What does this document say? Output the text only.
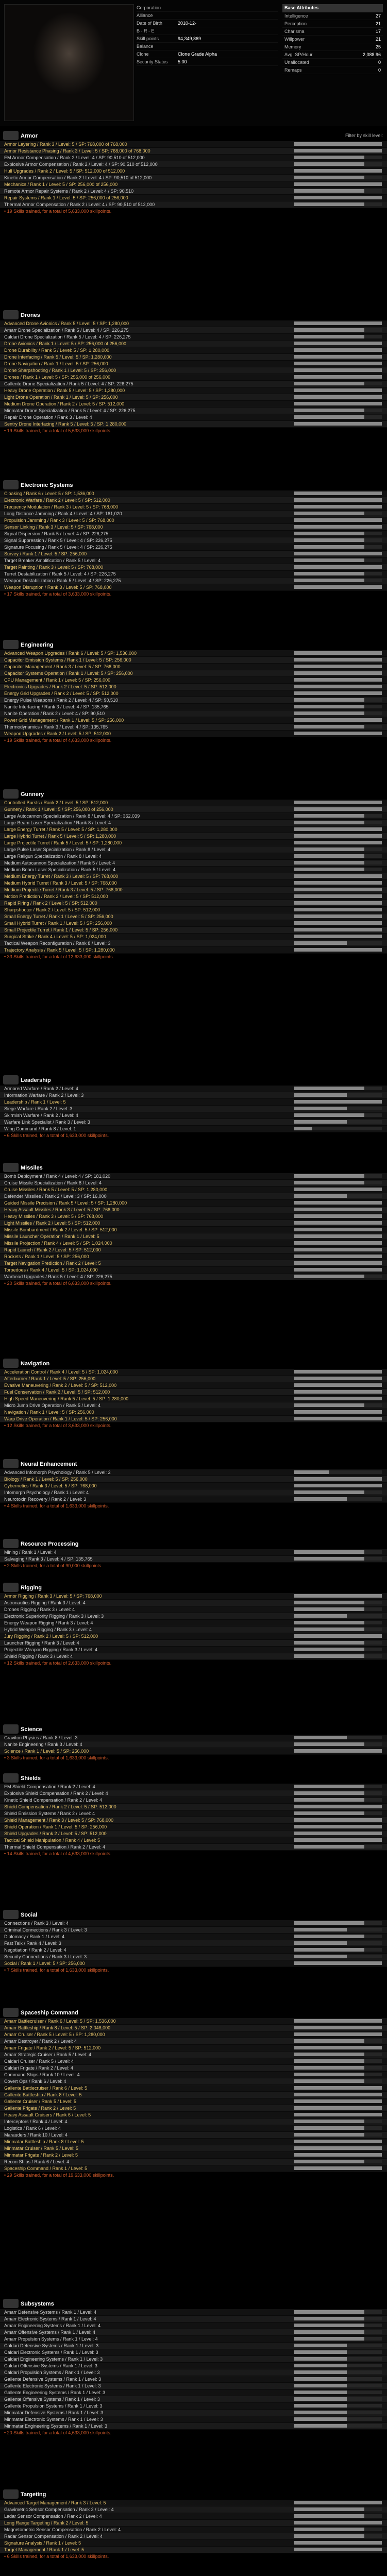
Corporation
Alliance
Date of Birth	2010-12-
B - R - E
Skill points	94,349,869
Balance
Clone	Clone Grade Alpha
Security Status	5.00
Base Attributes
Intelligence	27
Perception	21
Charisma	17
Willpower	21
Memory	25
Avg. SP/Hour	2,088.96
Unallocated	0
Remaps	0
Armor	Filter by skill level:
Armor Layering / Rank 3 / Level: 5 / SP: 768,000 of 768,000
Armor Resistance Phasing / Rank 3 / Level: 5 / SP: 768,000 of 768,000
EM Armor Compensation / Rank 2 / Level: 4 / SP: 90,510 of 512,000
Explosive Armor Compensation / Rank 2 / Level: 4 / SP: 90,510 of 512,000
Hull Upgrades / Rank 2 / Level: 5 / SP: 512,000 of 512,000
Kinetic Armor Compensation / Rank 2 / Level: 4 / SP: 90,510 of 512,000
Mechanics / Rank 1 / Level: 5 / SP: 256,000 of 256,000
Remote Armor Repair Systems / Rank 2 / Level: 4 / SP: 90,510
Repair Systems / Rank 1 / Level: 5 / SP: 256,000 of 256,000
Thermal Armor Compensation / Rank 2 / Level: 4 / SP: 90,510 of 512,000
• 19 Skills trained, for a total of 5,633,000 skillpoints.
Drones
Advanced Drone Avionics / Rank 5 / Level: 5 / SP: 1,280,000
Amarr Drone Specialization / Rank 5 / Level: 4 / SP: 226,275
Caldari Drone Specialization / Rank 5 / Level: 4 / SP: 226,275
Drone Avionics / Rank 1 / Level: 5 / SP: 256,000 of 256,000
Drone Durability / Rank 5 / Level: 5 / SP: 1,280,000
Drone Interfacing / Rank 5 / Level: 5 / SP: 1,280,000
Drone Navigation / Rank 1 / Level: 5 / SP: 256,000
Drone Sharpshooting / Rank 1 / Level: 5 / SP: 256,000
Drones / Rank 1 / Level: 5 / SP: 256,000 of 256,000
Gallente Drone Specialization / Rank 5 / Level: 4 / SP: 226,275
Heavy Drone Operation / Rank 5 / Level: 5 / SP: 1,280,000
Light Drone Operation / Rank 1 / Level: 5 / SP: 256,000
Medium Drone Operation / Rank 2 / Level: 5 / SP: 512,000
Minmatar Drone Specialization / Rank 5 / Level: 4 / SP: 226,275
Repair Drone Operation / Rank 3 / Level: 4
Sentry Drone Interfacing / Rank 5 / Level: 5 / SP: 1,280,000
• 19 Skills trained, for a total of 5,633,000 skillpoints.
Electronic Systems
Cloaking / Rank 6 / Level: 5 / SP: 1,536,000
Electronic Warfare / Rank 2 / Level: 5 / SP: 512,000
Frequency Modulation / Rank 3 / Level: 5 / SP: 768,000
Long Distance Jamming / Rank 4 / Level: 4 / SP: 181,020
Propulsion Jamming / Rank 3 / Level: 5 / SP: 768,000
Sensor Linking / Rank 3 / Level: 5 / SP: 768,000
Signal Dispersion / Rank 5 / Level: 4 / SP: 226,275
Signal Suppression / Rank 5 / Level: 4 / SP: 226,275
Signature Focusing / Rank 5 / Level: 4 / SP: 226,275
Survey / Rank 1 / Level: 5 / SP: 256,000
Target Breaker Amplification / Rank 5 / Level: 4
Target Painting / Rank 3 / Level: 5 / SP: 768,000
Turret Destabilization / Rank 5 / Level: 4 / SP: 226,275
Weapon Destabilization / Rank 5 / Level: 4 / SP: 226,275
Weapon Disruption / Rank 3 / Level: 5 / SP: 768,000
• 17 Skills trained, for a total of 3,633,000 skillpoints.
Engineering
Advanced Weapon Upgrades / Rank 6 / Level: 5 / SP: 1,536,000
Capacitor Emission Systems / Rank 1 / Level: 5 / SP: 256,000
Capacitor Management / Rank 3 / Level: 5 / SP: 768,000
Capacitor Systems Operation / Rank 1 / Level: 5 / SP: 256,000
CPU Management / Rank 1 / Level: 5 / SP: 256,000
Electronics Upgrades / Rank 2 / Level: 5 / SP: 512,000
Energy Grid Upgrades / Rank 2 / Level: 5 / SP: 512,000
Energy Pulse Weapons / Rank 2 / Level: 4 / SP: 90,510
Nanite Interfacing / Rank 3 / Level: 4 / SP: 135,765
Nanite Operation / Rank 2 / Level: 4 / SP: 90,510
Power Grid Management / Rank 1 / Level: 5 / SP: 256,000
Thermodynamics / Rank 3 / Level: 4 / SP: 135,765
Weapon Upgrades / Rank 2 / Level: 5 / SP: 512,000
• 19 Skills trained, for a total of 4,633,000 skillpoints.
Gunnery
Controlled Bursts / Rank 2 / Level: 5 / SP: 512,000
Gunnery / Rank 1 / Level: 5 / SP: 256,000 of 256,000
Large Autocannon Specialization / Rank 8 / Level: 4 / SP: 362,039
Large Beam Laser Specialization / Rank 8 / Level: 4
Large Energy Turret / Rank 5 / Level: 5 / SP: 1,280,000
Large Hybrid Turret / Rank 5 / Level: 5 / SP: 1,280,000
Large Projectile Turret / Rank 5 / Level: 5 / SP: 1,280,000
Large Pulse Laser Specialization / Rank 8 / Level: 4
Large Railgun Specialization / Rank 8 / Level: 4
Medium Autocannon Specialization / Rank 5 / Level: 4
Medium Beam Laser Specialization / Rank 5 / Level: 4
Medium Energy Turret / Rank 3 / Level: 5 / SP: 768,000
Medium Hybrid Turret / Rank 3 / Level: 5 / SP: 768,000
Medium Projectile Turret / Rank 3 / Level: 5 / SP: 768,000
Motion Prediction / Rank 2 / Level: 5 / SP: 512,000
Rapid Firing / Rank 2 / Level: 5 / SP: 512,000
Sharpshooter / Rank 2 / Level: 5 / SP: 512,000
Small Energy Turret / Rank 1 / Level: 5 / SP: 256,000
Small Hybrid Turret / Rank 1 / Level: 5 / SP: 256,000
Small Projectile Turret / Rank 1 / Level: 5 / SP: 256,000
Surgical Strike / Rank 4 / Level: 5 / SP: 1,024,000
Tactical Weapon Reconfiguration / Rank 8 / Level: 3
Trajectory Analysis / Rank 5 / Level: 5 / SP: 1,280,000
• 33 Skills trained, for a total of 12,633,000 skillpoints.
Leadership
Armored Warfare / Rank 2 / Level: 4
Information Warfare / Rank 2 / Level: 3
Leadership / Rank 1 / Level: 5
Siege Warfare / Rank 2 / Level: 3
Skirmish Warfare / Rank 2 / Level: 4
Warfare Link Specialist / Rank 3 / Level: 3
Wing Command / Rank 8 / Level: 1
• 6 Skills trained, for a total of 1,633,000 skillpoints.
Missiles
Bomb Deployment / Rank 4 / Level: 4 / SP: 181,020
Cruise Missile Specialization / Rank 8 / Level: 4
Cruise Missiles / Rank 5 / Level: 5 / SP: 1,280,000
Defender Missiles / Rank 2 / Level: 3 / SP: 16,000
Guided Missile Precision / Rank 5 / Level: 5 / SP: 1,280,000
Heavy Assault Missiles / Rank 3 / Level: 5 / SP: 768,000
Heavy Missiles / Rank 3 / Level: 5 / SP: 768,000
Light Missiles / Rank 2 / Level: 5 / SP: 512,000
Missile Bombardment / Rank 2 / Level: 5 / SP: 512,000
Missile Launcher Operation / Rank 1 / Level: 5
Missile Projection / Rank 4 / Level: 5 / SP: 1,024,000
Rapid Launch / Rank 2 / Level: 5 / SP: 512,000
Rockets / Rank 1 / Level: 5 / SP: 256,000
Target Navigation Prediction / Rank 2 / Level: 5
Torpedoes / Rank 4 / Level: 5 / SP: 1,024,000
Warhead Upgrades / Rank 5 / Level: 4 / SP: 226,275
• 20 Skills trained, for a total of 6,633,000 skillpoints.
Navigation
Acceleration Control / Rank 4 / Level: 5 / SP: 1,024,000
Afterburner / Rank 1 / Level: 5 / SP: 256,000
Evasive Maneuvering / Rank 2 / Level: 5 / SP: 512,000
Fuel Conservation / Rank 2 / Level: 5 / SP: 512,000
High Speed Maneuvering / Rank 5 / Level: 5 / SP: 1,280,000
Micro Jump Drive Operation / Rank 5 / Level: 4
Navigation / Rank 1 / Level: 5 / SP: 256,000
Warp Drive Operation / Rank 1 / Level: 5 / SP: 256,000
• 12 Skills trained, for a total of 3,633,000 skillpoints.
Neural Enhancement
Advanced Infomorph Psychology / Rank 5 / Level: 2
Biology / Rank 1 / Level: 5 / SP: 256,000
Cybernetics / Rank 3 / Level: 5 / SP: 768,000
Infomorph Psychology / Rank 1 / Level: 4
Neurotoxin Recovery / Rank 2 / Level: 3
• 4 Skills trained, for a total of 1,633,000 skillpoints.
Resource Processing
Mining / Rank 1 / Level: 4
Salvaging / Rank 3 / Level: 4 / SP: 135,765
• 2 Skills trained, for a total of 90,000 skillpoints.
Rigging
Armor Rigging / Rank 3 / Level: 5 / SP: 768,000
Astronautics Rigging / Rank 3 / Level: 4
Drones Rigging / Rank 3 / Level: 4
Electronic Superiority Rigging / Rank 3 / Level: 3
Energy Weapon Rigging / Rank 3 / Level: 4
Hybrid Weapon Rigging / Rank 3 / Level: 4
Jury Rigging / Rank 2 / Level: 5 / SP: 512,000
Launcher Rigging / Rank 3 / Level: 4
Projectile Weapon Rigging / Rank 3 / Level: 4
Shield Rigging / Rank 3 / Level: 4
• 12 Skills trained, for a total of 2,633,000 skillpoints.
Science
Graviton Physics / Rank 8 / Level: 3
Nanite Engineering / Rank 3 / Level: 4
Science / Rank 1 / Level: 5 / SP: 256,000
• 3 Skills trained, for a total of 1,633,000 skillpoints.
Shields
EM Shield Compensation / Rank 2 / Level: 4
Explosive Shield Compensation / Rank 2 / Level: 4
Kinetic Shield Compensation / Rank 2 / Level: 4
Shield Compensation / Rank 2 / Level: 5 / SP: 512,000
Shield Emission Systems / Rank 2 / Level: 4
Shield Management / Rank 3 / Level: 5 / SP: 768,000
Shield Operation / Rank 1 / Level: 5 / SP: 256,000
Shield Upgrades / Rank 2 / Level: 5 / SP: 512,000
Tactical Shield Manipulation / Rank 4 / Level: 5
Thermal Shield Compensation / Rank 2 / Level: 4
• 14 Skills trained, for a total of 4,633,000 skillpoints.
Social
Connections / Rank 3 / Level: 4
Criminal Connections / Rank 3 / Level: 3
Diplomacy / Rank 1 / Level: 4
Fast Talk / Rank 4 / Level: 3
Negotiation / Rank 2 / Level: 4
Security Connections / Rank 3 / Level: 3
Social / Rank 1 / Level: 5 / SP: 256,000
• 7 Skills trained, for a total of 1,633,000 skillpoints.
Spaceship Command
Amarr Battlecruiser / Rank 6 / Level: 5 / SP: 1,536,000
Amarr Battleship / Rank 8 / Level: 5 / SP: 2,048,000
Amarr Cruiser / Rank 5 / Level: 5 / SP: 1,280,000
Amarr Destroyer / Rank 2 / Level: 4
Amarr Frigate / Rank 2 / Level: 5 / SP: 512,000
Amarr Strategic Cruiser / Rank 5 / Level: 4
Caldari Cruiser / Rank 5 / Level: 4
Caldari Frigate / Rank 2 / Level: 4
Command Ships / Rank 10 / Level: 4
Covert Ops / Rank 6 / Level: 4
Gallente Battlecruiser / Rank 6 / Level: 5
Gallente Battleship / Rank 8 / Level: 5
Gallente Cruiser / Rank 5 / Level: 5
Gallente Frigate / Rank 2 / Level: 5
Heavy Assault Cruisers / Rank 6 / Level: 5
Interceptors / Rank 4 / Level: 4
Logistics / Rank 6 / Level: 4
Marauders / Rank 10 / Level: 4
Minmatar Battleship / Rank 8 / Level: 5
Minmatar Cruiser / Rank 5 / Level: 5
Minmatar Frigate / Rank 2 / Level: 5
Recon Ships / Rank 6 / Level: 4
Spaceship Command / Rank 1 / Level: 5
• 29 Skills trained, for a total of 19,633,000 skillpoints.
Subsystems
Amarr Defensive Systems / Rank 1 / Level: 4
Amarr Electronic Systems / Rank 1 / Level: 4
Amarr Engineering Systems / Rank 1 / Level: 4
Amarr Offensive Systems / Rank 1 / Level: 4
Amarr Propulsion Systems / Rank 1 / Level: 4
Caldari Defensive Systems / Rank 1 / Level: 3
Caldari Electronic Systems / Rank 1 / Level: 3
Caldari Engineering Systems / Rank 1 / Level: 3
Caldari Offensive Systems / Rank 1 / Level: 3
Caldari Propulsion Systems / Rank 1 / Level: 3
Gallente Defensive Systems / Rank 1 / Level: 3
Gallente Electronic Systems / Rank 1 / Level: 3
Gallente Engineering Systems / Rank 1 / Level: 3
Gallente Offensive Systems / Rank 1 / Level: 3
Gallente Propulsion Systems / Rank 1 / Level: 3
Minmatar Defensive Systems / Rank 1 / Level: 3
Minmatar Electronic Systems / Rank 1 / Level: 3
Minmatar Engineering Systems / Rank 1 / Level: 3
• 20 Skills trained, for a total of 4,633,000 skillpoints.
Targeting
Advanced Target Management / Rank 3 / Level: 5
Gravimetric Sensor Compensation / Rank 2 / Level: 4
Ladar Sensor Compensation / Rank 2 / Level: 4
Long Range Targeting / Rank 2 / Level: 5
Magnetometric Sensor Compensation / Rank 2 / Level: 4
Radar Sensor Compensation / Rank 2 / Level: 4
Signature Analysis / Rank 1 / Level: 5
Target Management / Rank 1 / Level: 5
• 6 Skills trained, for a total of 1,633,000 skillpoints.
